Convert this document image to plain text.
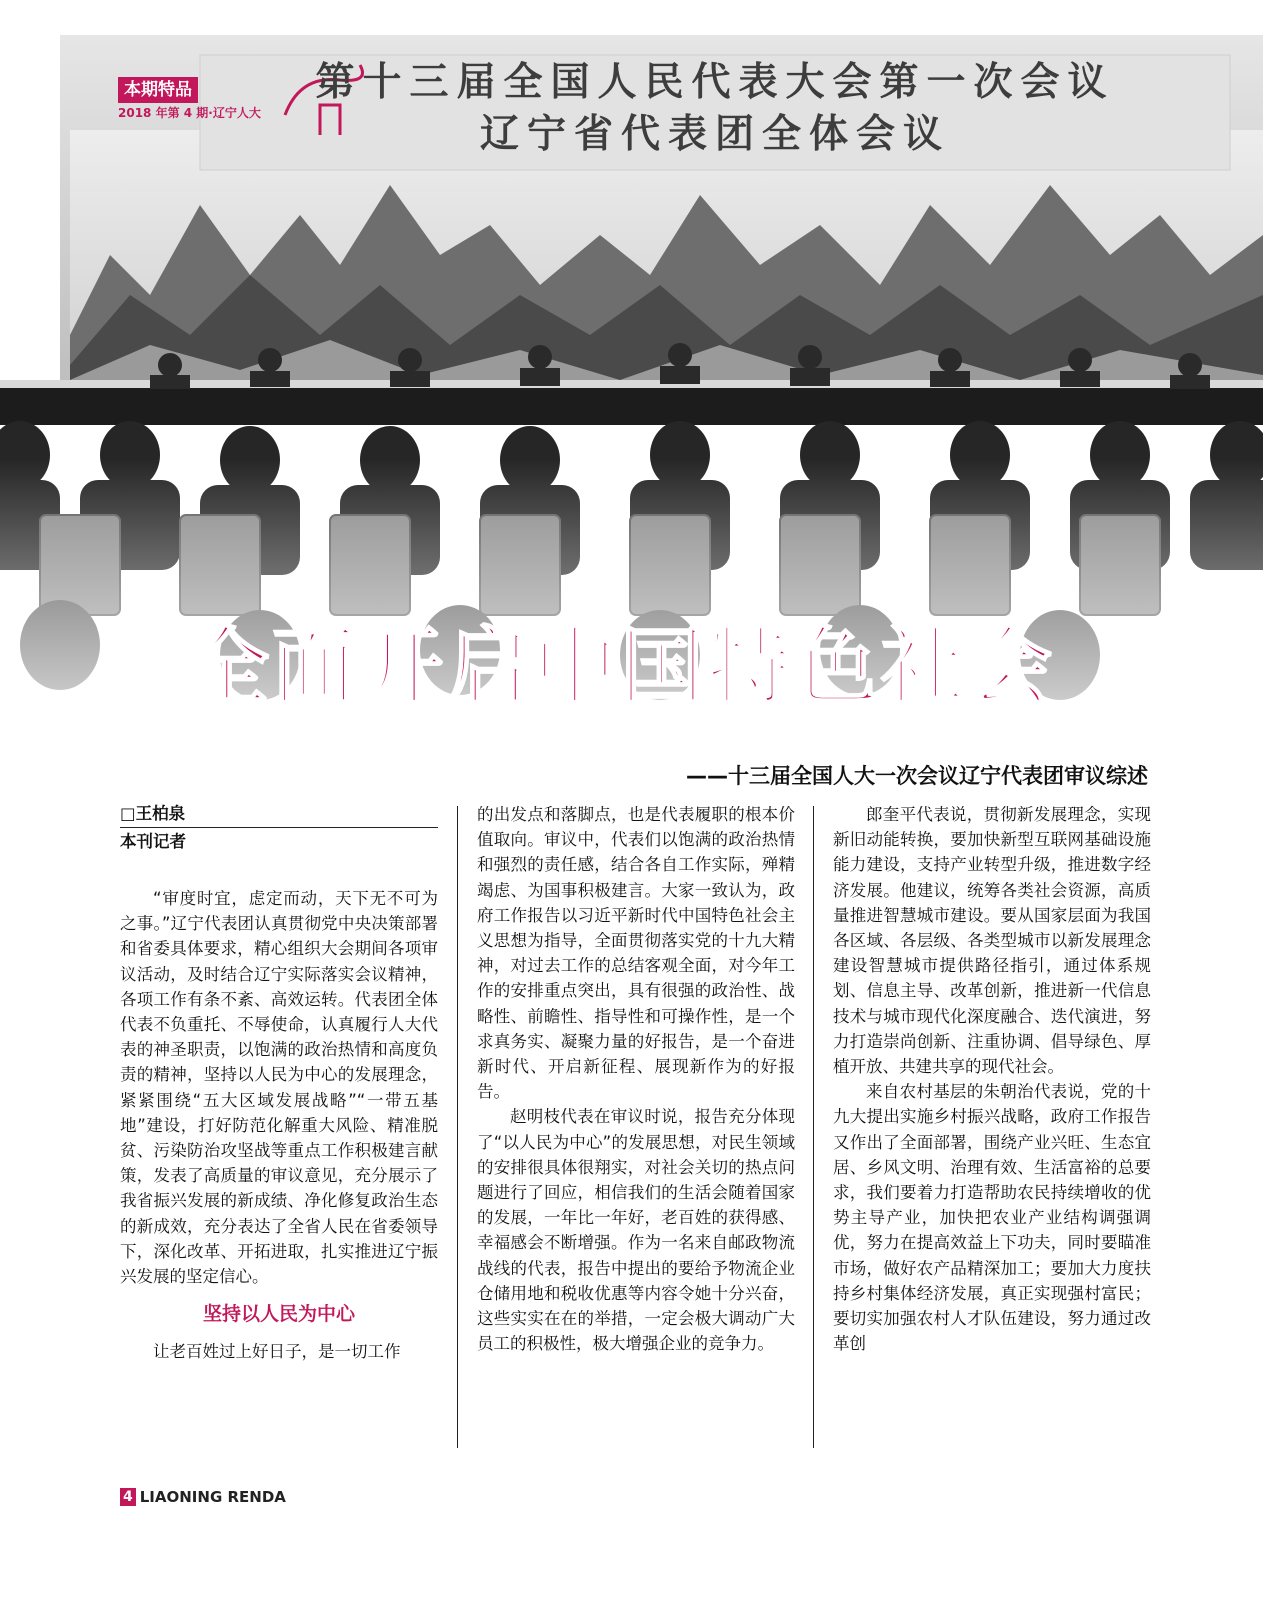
第十三届全国人民代表大会第一次会议
辽宁省代表团全体会议
本期特品
2018 年第 4 期·辽宁人大
全面开启中国特色社会
——十三届全国人大一次会议辽宁代表团审议综述
□王柏泉
本刊记者

“审度时宜，虑定而动，天下无不可为之事。”辽宁代表团认真贯彻党中央决策部署和省委具体要求，精心组织大会期间各项审议活动，及时结合辽宁实际落实会议精神，各项工作有条不紊、高效运转。代表团全体代表不负重托、不辱使命，认真履行人大代表的神圣职责，以饱满的政治热情和高度负责的精神，坚持以人民为中心的发展理念，紧紧围绕“五大区域发展战略”“一带五基地”建设，打好防范化解重大风险、精准脱贫、污染防治攻坚战等重点工作积极建言献策，发表了高质量的审议意见，充分展示了我省振兴发展的新成绩、净化修复政治生态的新成效，充分表达了全省人民在省委领导下，深化改革、开拓进取，扎实推进辽宁振兴发展的坚定信心。

坚持以人民为中心

让老百姓过上好日子，是一切工作

的出发点和落脚点，也是代表履职的根本价值取向。审议中，代表们以饱满的政治热情和强烈的责任感，结合各自工作实际，殚精竭虑、为国事积极建言。大家一致认为，政府工作报告以习近平新时代中国特色社会主义思想为指导，全面贯彻落实党的十九大精神，对过去工作的总结客观全面，对今年工作的安排重点突出，具有很强的政治性、战略性、前瞻性、指导性和可操作性，是一个求真务实、凝聚力量的好报告，是一个奋进新时代、开启新征程、展现新作为的好报告。

赵明枝代表在审议时说，报告充分体现了“以人民为中心”的发展思想，对民生领域的安排很具体很翔实，对社会关切的热点问题进行了回应，相信我们的生活会随着国家的发展，一年比一年好，老百姓的获得感、幸福感会不断增强。作为一名来自邮政物流战线的代表，报告中提出的要给予物流企业仓储用地和税收优惠等内容令她十分兴奋，这些实实在在的举措，一定会极大调动广大员工的积极性，极大增强企业的竞争力。

郎奎平代表说，贯彻新发展理念，实现新旧动能转换，要加快新型互联网基础设施能力建设，支持产业转型升级，推进数字经济发展。他建议，统筹各类社会资源，高质量推进智慧城市建设。要从国家层面为我国各区域、各层级、各类型城市以新发展理念建设智慧城市提供路径指引，通过体系规划、信息主导、改革创新，推进新一代信息技术与城市现代化深度融合、迭代演进，努力打造崇尚创新、注重协调、倡导绿色、厚植开放、共建共享的现代社会。

来自农村基层的朱朝治代表说，党的十九大提出实施乡村振兴战略，政府工作报告又作出了全面部署，围绕产业兴旺、生态宜居、乡风文明、治理有效、生活富裕的总要求，我们要着力打造帮助农民持续增收的优势主导产业，加快把农业产业结构调强调优，努力在提高效益上下功夫，同时要瞄准市场，做好农产品精深加工；要加大力度扶持乡村集体经济发展，真正实现强村富民；要切实加强农村人才队伍建设，努力通过改革创

4 LIAONING RENDA
